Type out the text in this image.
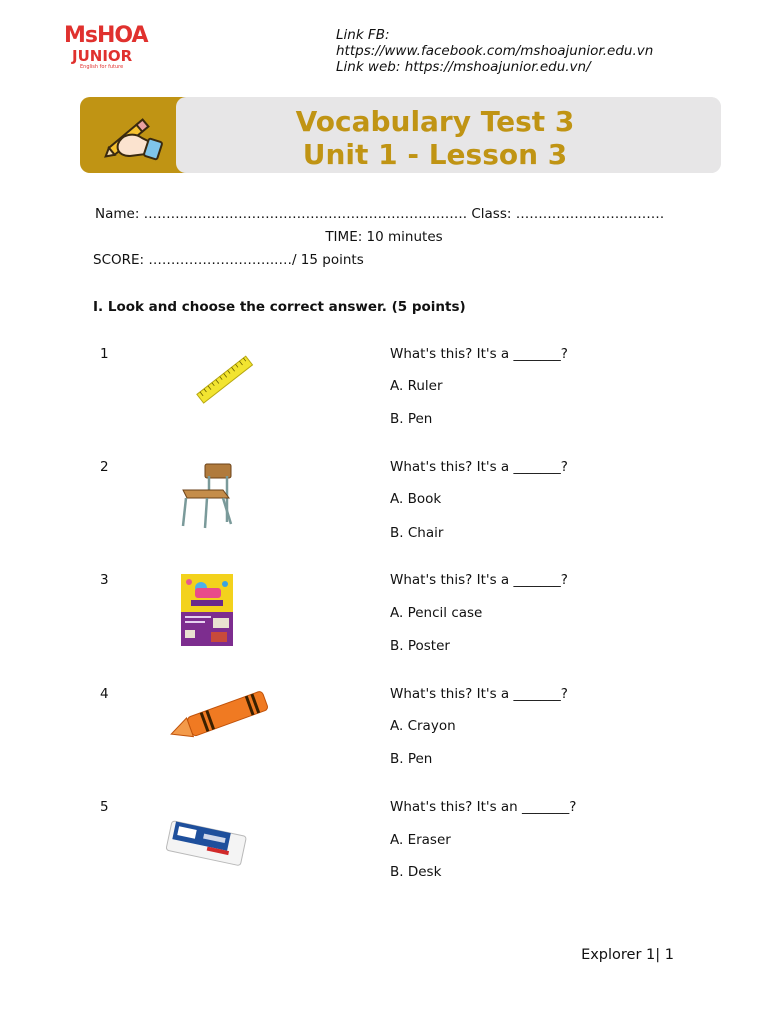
MsHOA
JUNIOR
English for future
Link FB:
https://www.facebook.com/mshoajunior.edu.vn
Link web: https://mshoajunior.edu.vn/
Vocabulary Test 3
Unit 1 - Lesson 3
Name: ………………………………………………………..……. Class: ……………………………
TIME: 10 minutes
SCORE: ………………………..…/ 15 points
I. Look and choose the correct answer. (5 points)
1	What's this? It's a _______?
A. Ruler
B. Pen
2	What's this? It's a _______?
A. Book
B. Chair
3	What's this? It's a _______?
A. Pencil case
B. Poster
4	What's this? It's a _______?
A. Crayon
B. Pen
5	What's this? It's an _______?
A. Eraser
B. Desk
Explorer 1| 1
